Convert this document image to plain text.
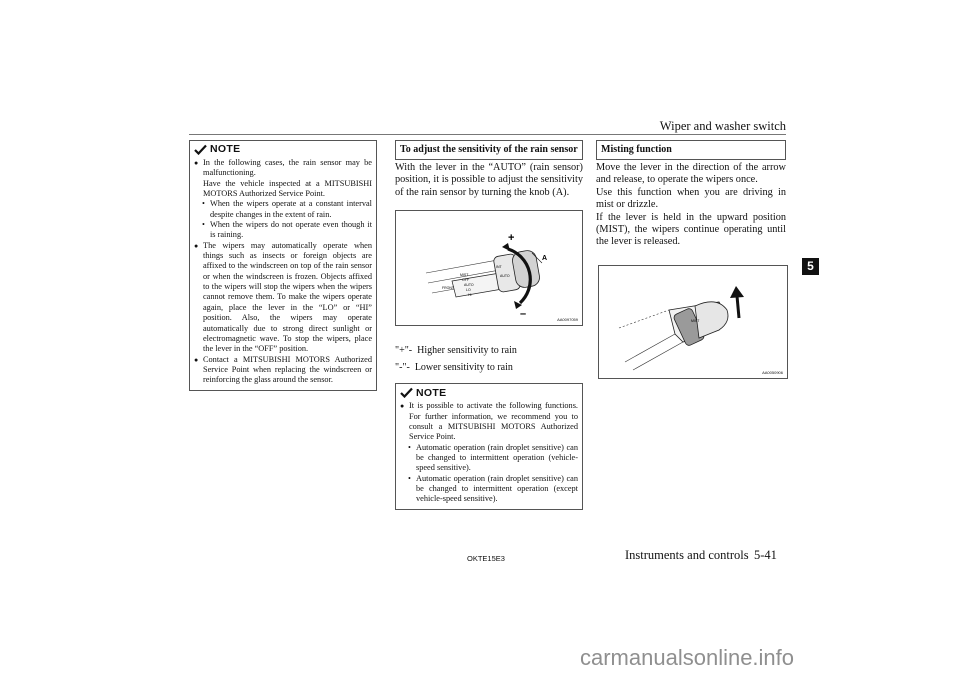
Wiper and washer switch
5
NOTE

● In the following cases, the rain sensor may be malfunctioning.
Have the vehicle inspected at a MITSUBISHI MOTORS Authorized Service Point.

• When the wipers operate at a constant interval despite changes in the extent of rain.

• When the wipers do not operate even though it is raining.

● The wipers may automatically operate when things such as insects or foreign objects are affixed to the windscreen on top of the rain sensor or when the windscreen is frozen. Objects affixed to the wipers will stop the wipers when the wipers cannot remove them. To make the wipers operate again, place the lever in the “LO” or “HI” position. Also, the wipers may operate automatically due to strong direct sunlight or electromagnetic wave. To stop the wipers, place the lever in the “OFF” position.

● Contact a MITSUBISHI MOTORS Authorized Service Point when replacing the windscreen or reinforcing the glass around the sensor.

To adjust the sensitivity of the rain sensor

With the lever in the “AUTO” (rain sensor) position, it is possible to adjust the sensitivity of the rain sensor by turning the knob (A).

MIST
OFF
AUTO
LO
HI
FRONT
INT
AUTO
+
–
A
AA0097059

"+"-  Higher sensitivity to rain

"-"-  Lower sensitivity to rain

NOTE

● It is possible to activate the following functions. For further information, we recommend you to consult a MITSUBISHI MOTORS Authorized Service Point.

• Automatic operation (rain droplet sensitive) can be changed to intermittent operation (vehicle-speed sensitive).

• Automatic operation (rain droplet sensitive) can be changed to intermittent operation (except vehicle-speed sensitive).

Misting function

Move the lever in the direction of the arrow and release, to operate the wipers once.

Use this function when you are driving in mist or drizzle.

If the lever is held in the upward position (MIST), the wipers continue operating until the lever is released.

MIST
AA0050906
OKTE15E3	Instruments and controls 5-41
carmanualsonline.info
